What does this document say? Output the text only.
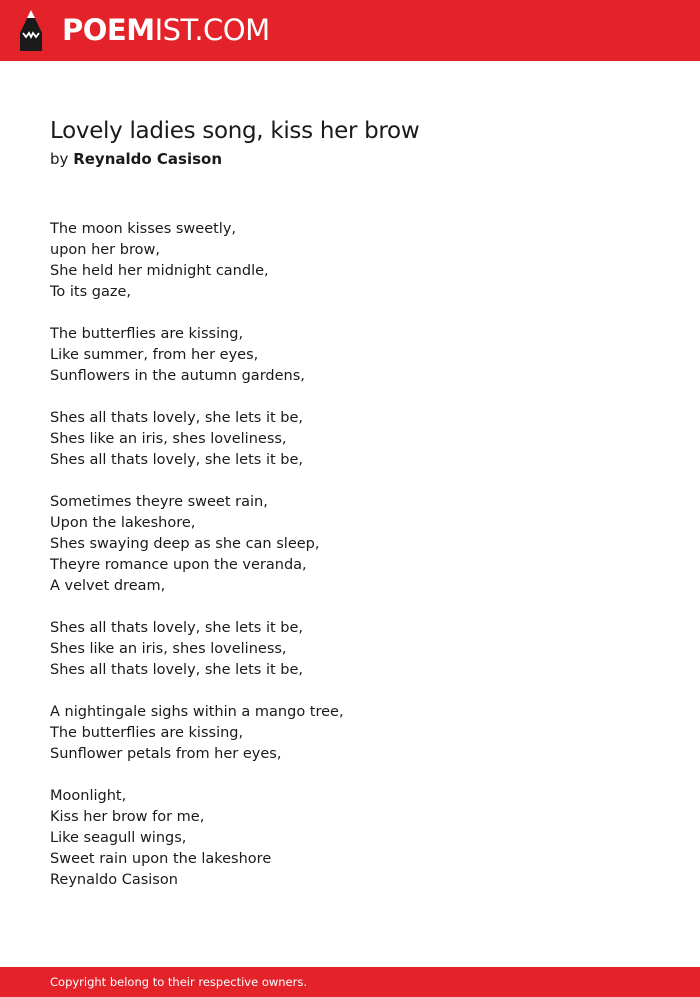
POEMIST.COM
Lovely ladies song, kiss her brow
by Reynaldo Casison
The moon kisses sweetly,
upon her brow,
She held her midnight candle,
To its gaze,
The butterflies are kissing,
Like summer, from her eyes,
Sunflowers in the autumn gardens,
Shes all thats lovely, she lets it be,
Shes like an iris, shes loveliness,
Shes all thats lovely, she lets it be,
Sometimes theyre sweet rain,
Upon the lakeshore,
Shes swaying deep as she can sleep,
Theyre romance upon the veranda,
A velvet dream,
Shes all thats lovely, she lets it be,
Shes like an iris, shes loveliness,
Shes all thats lovely, she lets it be,
A nightingale sighs within a mango tree,
The butterflies are kissing,
Sunflower petals from her eyes,
Moonlight,
Kiss her brow for me,
Like seagull wings,
Sweet rain upon the lakeshore
Reynaldo Casison
Copyright belong to their respective owners.
